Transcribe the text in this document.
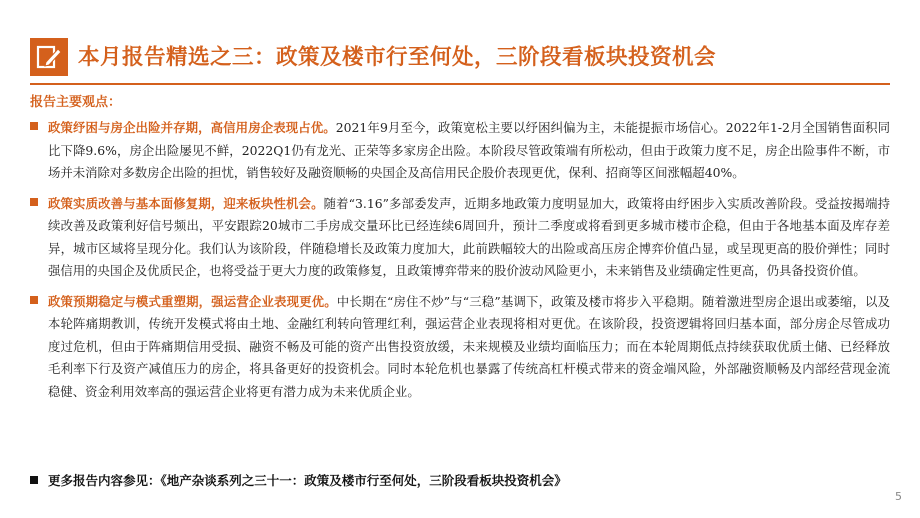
本月报告精选之三：政策及楼市行至何处，三阶段看板块投资机会
报告主要观点：
政策纾困与房企出险并存期，高信用房企表现占优。2021年9月至今，政策宽松主要以纾困纠偏为主，未能提振市场信心。2022年1-2月全国销售面积同比下降9.6%，房企出险屡见不鲜，2022Q1仍有龙光、正荣等多家房企出险。本阶段尽管政策端有所松动，但由于政策力度不足，房企出险事件不断，市场并未消除对多数房企出险的担忧，销售较好及融资顺畅的央国企及高信用民企股价表现更优，保利、招商等区间涨幅超40%。
政策实质改善与基本面修复期，迎来板块性机会。随着“3.16”多部委发声，近期多地政策力度明显加大，政策将由纾困步入实质改善阶段。受益按揭端持续改善及政策利好信号频出，平安跟踪20城市二手房成交量环比已经连续6周回升，预计二季度或将看到更多城市楼市企稳，但由于各地基本面及库存差异，城市区域将呈现分化。我们认为该阶段，伴随稳增长及政策力度加大，此前跌幅较大的出险或高压房企博弈价值凸显，或呈现更高的股价弹性；同时强信用的央国企及优质民企，也将受益于更大力度的政策修复，且政策博弈带来的股价波动风险更小，未来销售及业绩确定性更高，仍具备投资价值。
政策预期稳定与模式重塑期，强运营企业表现更优。中长期在“房住不炒”与“三稳”基调下，政策及楼市将步入平稳期。随着激进型房企退出或萎缩，以及本轮阵痛期教训，传统开发模式将由土地、金融红利转向管理红利，强运营企业表现将相对更优。在该阶段，投资逻辑将回归基本面，部分房企尽管成功度过危机，但由于阵痛期信用受损、融资不畅及可能的资产出售投资放缓，未来规模及业绩均面临压力；而在本轮周期低点持续获取优质土储、已经释放毛利率下行及资产减值压力的房企，将具备更好的投资机会。同时本轮危机也暴露了传统高杠杆模式带来的资金端风险，外部融资顺畅及内部经营现金流稳健、资金利用效率高的强运营企业将更有潜力成为未来优质企业。
更多报告内容参见：《地产杂谈系列之三十一：政策及楼市行至何处，三阶段看板块投资机会》
5
